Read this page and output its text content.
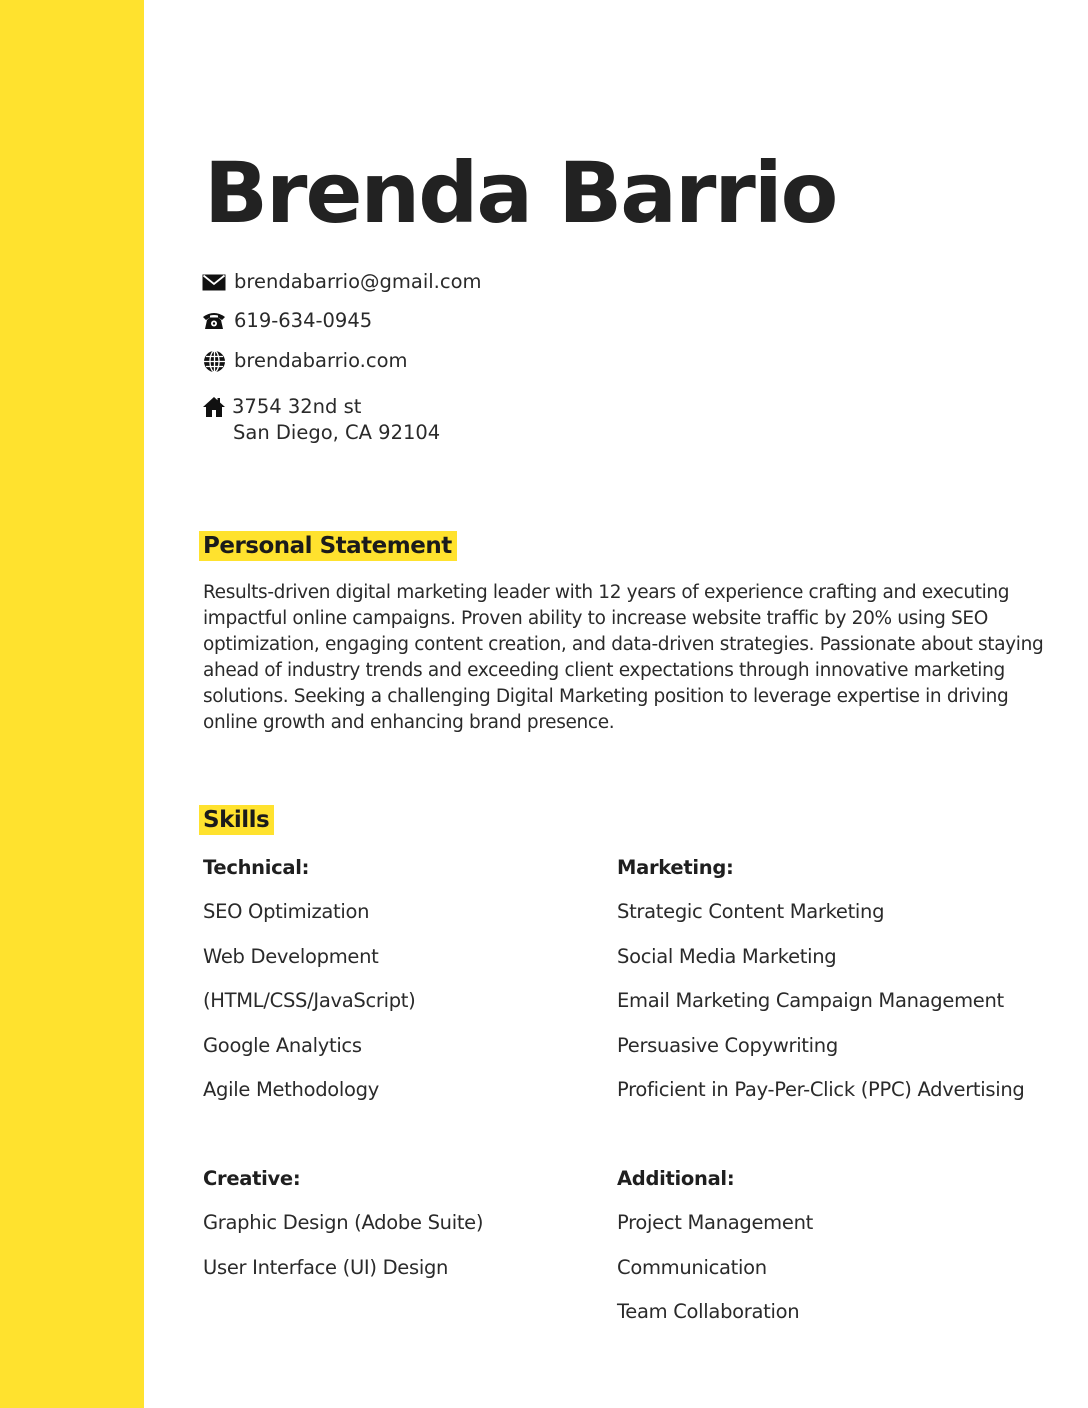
Brenda Barrio
brendabarrio@gmail.com
619-634-0945
brendabarrio.com
3754 32nd st
San Diego, CA 92104
Personal Statement

Results-driven digital marketing leader with 12 years of experience crafting and executing impactful online campaigns. Proven ability to increase website traffic by 20% using SEO optimization, engaging content creation, and data-driven strategies. Passionate about staying ahead of industry trends and exceeding client expectations through innovative marketing solutions. Seeking a challenging Digital Marketing position to leverage expertise in driving online growth and enhancing brand presence.

Skills
Technical:
SEO Optimization
Web Development
(HTML/CSS/JavaScript)
Google Analytics
Agile Methodology
Marketing:
Strategic Content Marketing
Social Media Marketing
Email Marketing Campaign Management
Persuasive Copywriting
Proficient in Pay-Per-Click (PPC) Advertising
Creative:
Graphic Design (Adobe Suite)
User Interface (UI) Design
Additional:
Project Management
Communication
Team Collaboration
